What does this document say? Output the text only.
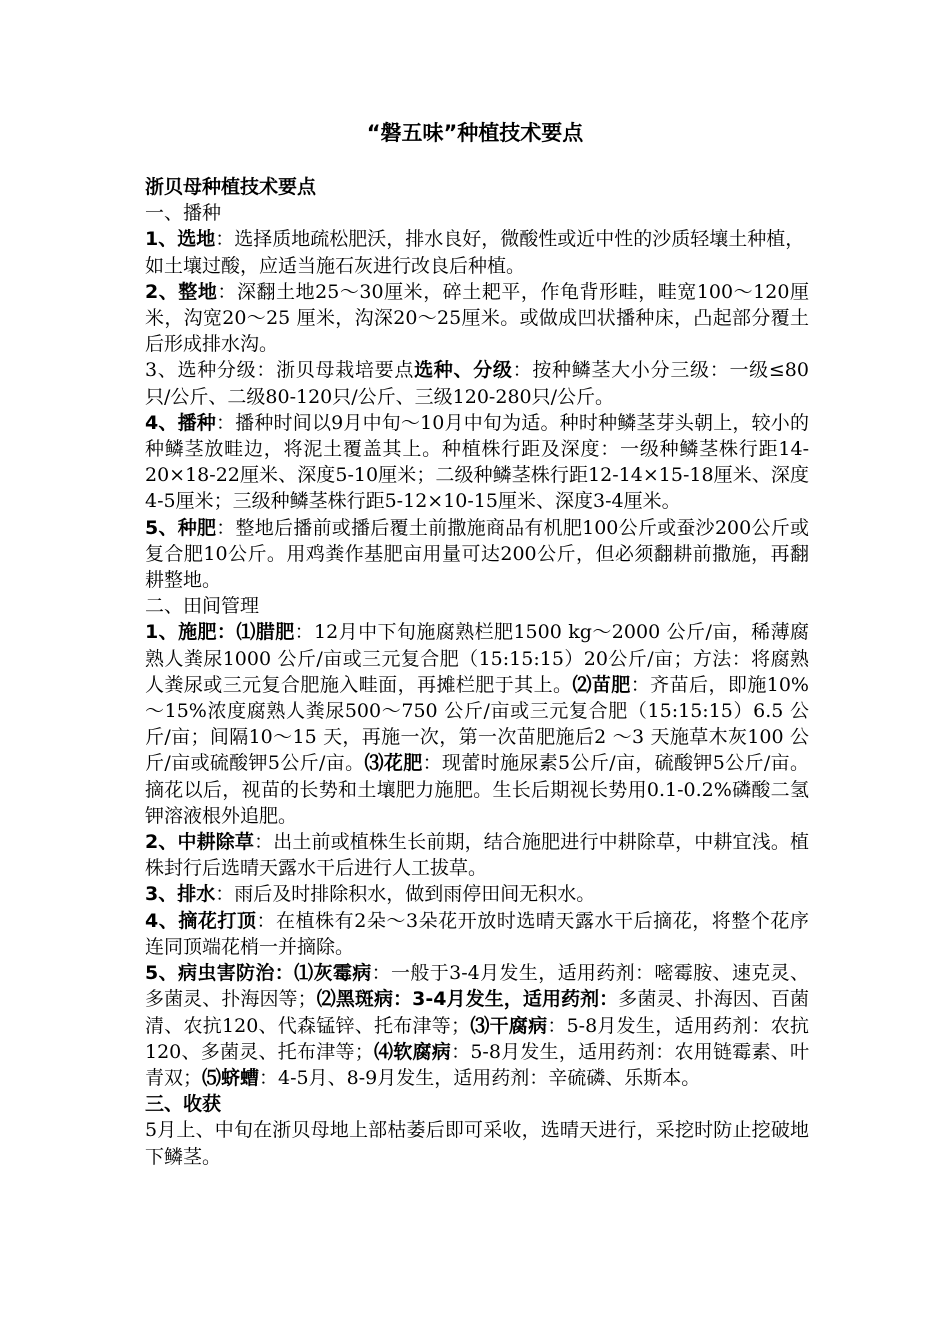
“磐五味”种植技术要点

浙贝母种植技术要点

一、播种

1、选地：选择质地疏松肥沃，排水良好，微酸性或近中性的沙质轻壤土种植，

如土壤过酸，应适当施石灰进行改良后种植。

2、整地：深翻土地25～30厘米，碎土耙平，作龟背形畦，畦宽100～120厘米，沟宽20～25 厘米，沟深20～25厘米。或做成凹状播种床，凸起部分覆土后形成排水沟。

3、选种分级：浙贝母栽培要点选种、分级：按种鳞茎大小分三级：一级≤80只/公斤、二级80-120只/公斤、三级120-280只/公斤。

4、播种：播种时间以9月中旬～10月中旬为适。种时种鳞茎芽头朝上，较小的种鳞茎放畦边，将泥土覆盖其上。种植株行距及深度：一级种鳞茎株行距14-20×18-22厘米、深度5-10厘米；二级种鳞茎株行距12-14×15-18厘米、深度4-5厘米；三级种鳞茎株行距5-12×10-15厘米、深度3-4厘米。

5、种肥：整地后播前或播后覆土前撒施商品有机肥100公斤或蚕沙200公斤或复合肥10公斤。用鸡粪作基肥亩用量可达200公斤，但必须翻耕前撒施，再翻耕整地。

二、田间管理

1、施肥：⑴腊肥：12月中下旬施腐熟栏肥1500 kg～2000 公斤/亩，稀薄腐熟人粪尿1000 公斤/亩或三元复合肥（15:15:15）20公斤/亩；方法：将腐熟人粪尿或三元复合肥施入畦面，再摊栏肥于其上。⑵苗肥：齐苗后，即施10%～15%浓度腐熟人粪尿500～750 公斤/亩或三元复合肥（15:15:15）6.5 公斤/亩；间隔10～15 天，再施一次，第一次苗肥施后2 ～3 天施草木灰100 公斤/亩或硫酸钾5公斤/亩。⑶花肥：现蕾时施尿素5公斤/亩，硫酸钾5公斤/亩。摘花以后，视苗的长势和土壤肥力施肥。生长后期视长势用0.1-0.2%磷酸二氢钾溶液根外追肥。

2、中耕除草：出土前或植株生长前期，结合施肥进行中耕除草，中耕宜浅。植株封行后选晴天露水干后进行人工拔草。

3、排水：雨后及时排除积水，做到雨停田间无积水。

4、摘花打顶：在植株有2朵～3朵花开放时选晴天露水干后摘花，将整个花序连同顶端花梢一并摘除。

5、病虫害防治：⑴灰霉病：一般于3-4月发生，适用药剂：嘧霉胺、速克灵、多菌灵、扑海因等；⑵黑斑病：3-4月发生，适用药剂：多菌灵、扑海因、百菌清、农抗120、代森锰锌、托布津等；⑶干腐病：5-8月发生，适用药剂：农抗120、多菌灵、托布津等；⑷软腐病：5-8月发生，适用药剂：农用链霉素、叶青双；⑸蛴螬：4-5月、8-9月发生，适用药剂：辛硫磷、乐斯本。

三、收获

5月上、中旬在浙贝母地上部枯萎后即可采收，选晴天进行，采挖时防止挖破地下鳞茎。
